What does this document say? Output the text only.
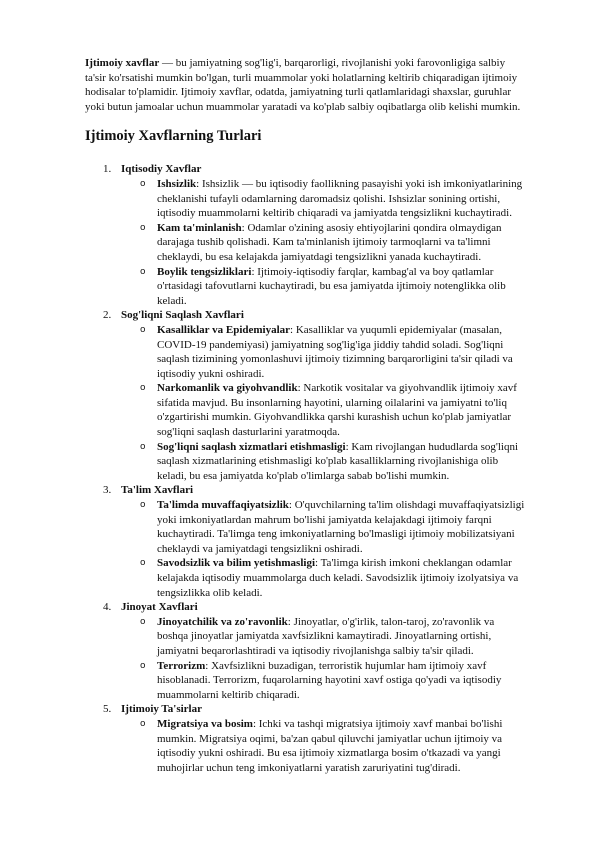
Ijtimoiy xavflar — bu jamiyatning sog'lig'i, barqarorligi, rivojlanishi yoki farovonligiga salbiy ta'sir ko'rsatishi mumkin bo'lgan, turli muammolar yoki holatlarning keltirib chiqaradigan ijtimoiy hodisalar to'plamidir. Ijtimoiy xavflar, odatda, jamiyatning turli qatlamlaridagi shaxslar, guruhlar yoki butun jamoalar uchun muammolar yaratadi va ko'plab salbiy oqibatlarga olib kelishi mumkin.

Ijtimoiy Xavflarning Turlari
1. Iqtisodiy Xavflar
o Ishsizlik: Ishsizlik — bu iqtisodiy faollikning pasayishi yoki ish imkoniyatlarining cheklanishi tufayli odamlarning daromadsiz qolishi. Ishsizlar sonining ortishi, iqtisodiy muammolarni keltirib chiqaradi va jamiyatda tengsizlikni kuchaytiradi.
o Kam ta'minlanish: Odamlar o'zining asosiy ehtiyojlarini qondira olmaydigan darajaga tushib qolishadi. Kam ta'minlanish ijtimoiy tarmoqlarni va ta'limni cheklaydi, bu esa kelajakda jamiyatdagi tengsizlikni yanada kuchaytiradi.
o Boylik tengsizliklari: Ijtimoiy-iqtisodiy farqlar, kambag'al va boy qatlamlar o'rtasidagi tafovutlarni kuchaytiradi, bu esa jamiyatda ijtimoiy notenglikka olib keladi.
2. Sog'liqni Saqlash Xavflari
o Kasalliklar va Epidemiyalar: Kasalliklar va yuqumli epidemiyalar (masalan, COVID-19 pandemiyasi) jamiyatning sog'lig'iga jiddiy tahdid soladi. Sog'liqni saqlash tizimining yomonlashuvi ijtimoiy tizimning barqarorligini ta'sir qiladi va iqtisodiy yukni oshiradi.
o Narkomanlik va giyohvandlik: Narkotik vositalar va giyohvandlik ijtimoiy xavf sifatida mavjud. Bu insonlarning hayotini, ularning oilalarini va jamiyatni to'liq o'zgartirishi mumkin. Giyohvandlikka qarshi kurashish uchun ko'plab jamiyatlar sog'liqni saqlash dasturlarini yaratmoqda.
o Sog'liqni saqlash xizmatlari etishmasligi: Kam rivojlangan hududlarda sog'liqni saqlash xizmatlarining etishmasligi ko'plab kasalliklarning rivojlanishiga olib keladi, bu esa jamiyatda ko'plab o'limlarga sabab bo'lishi mumkin.
3. Ta'lim Xavflari
o Ta'limda muvaffaqiyatsizlik: O'quvchilarning ta'lim olishdagi muvaffaqiyatsizligi yoki imkoniyatlardan mahrum bo'lishi jamiyatda kelajakdagi ijtimoiy farqni kuchaytiradi. Ta'limga teng imkoniyatlarning bo'lmasligi ijtimoiy mobilizatsiyani cheklaydi va jamiyatdagi tengsizlikni oshiradi.
o Savodsizlik va bilim yetishmasligi: Ta'limga kirish imkoni cheklangan odamlar kelajakda iqtisodiy muammolarga duch keladi. Savodsizlik ijtimoiy izolyatsiya va tengsizlikka olib keladi.
4. Jinoyat Xavflari
o Jinoyatchilik va zo'ravonlik: Jinoyatlar, o'g'irlik, talon-taroj, zo'ravonlik va boshqa jinoyatlar jamiyatda xavfsizlikni kamaytiradi. Jinoyatlarning ortishi, jamiyatni beqarorlashtiradi va iqtisodiy rivojlanishga salbiy ta'sir qiladi.
o Terrorizm: Xavfsizlikni buzadigan, terroristik hujumlar ham ijtimoiy xavf hisoblanadi. Terrorizm, fuqarolarning hayotini xavf ostiga qo'yadi va iqtisodiy muammolarni keltirib chiqaradi.
5. Ijtimoiy Ta'sirlar
o Migratsiya va bosim: Ichki va tashqi migratsiya ijtimoiy xavf manbai bo'lishi mumkin. Migratsiya oqimi, ba'zan qabul qiluvchi jamiyatlar uchun ijtimoiy va iqtisodiy yukni oshiradi. Bu esa ijtimoiy xizmatlarga bosim o'tkazadi va yangi muhojirlar uchun teng imkoniyatlarni yaratish zaruriyatini tug'diradi.
